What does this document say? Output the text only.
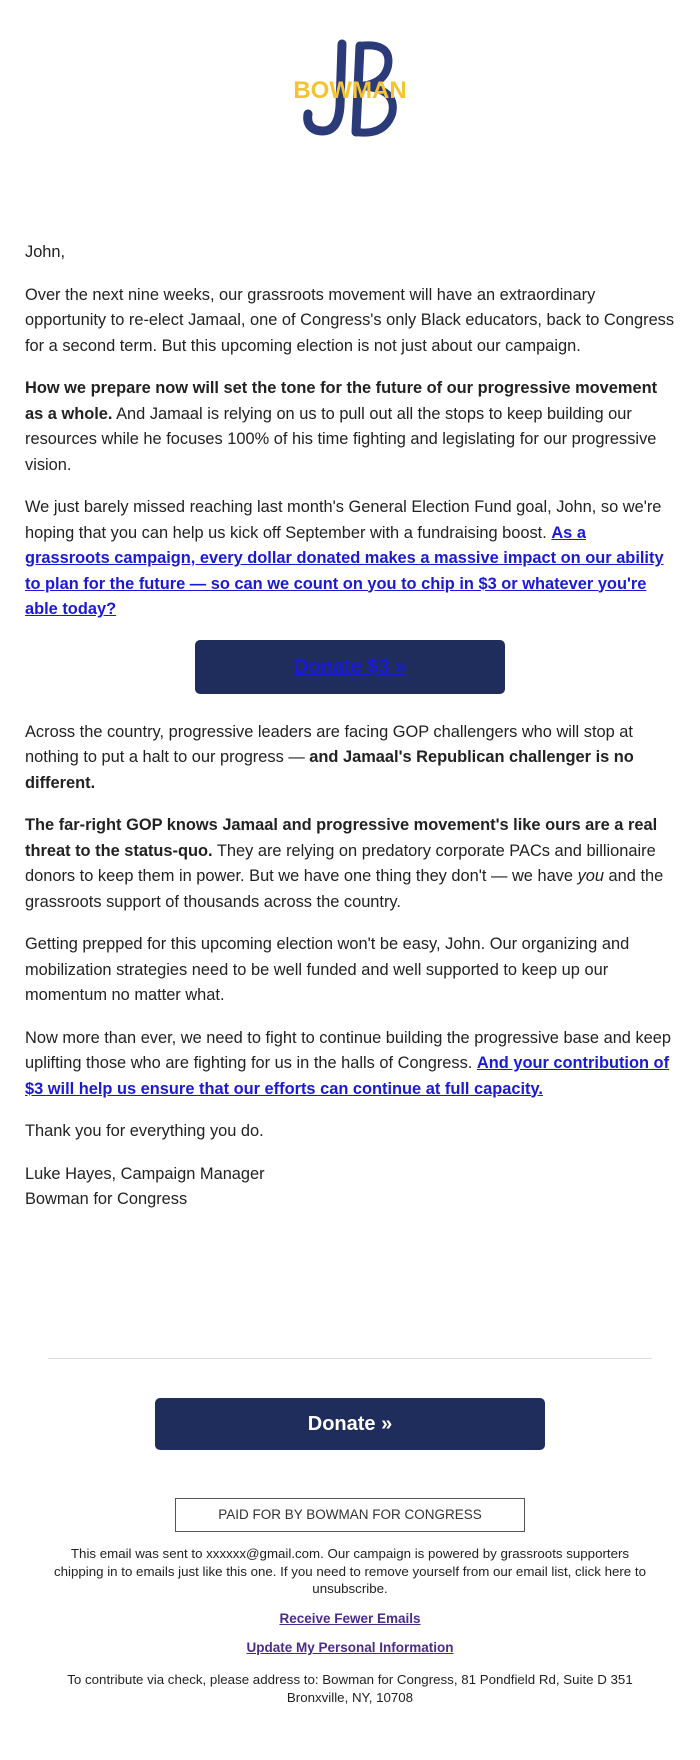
BOWMAN

John,

Over the next nine weeks, our grassroots movement will have an extraordinary opportunity to re-elect Jamaal, one of Congress's only Black educators, back to Congress for a second term. But this upcoming election is not just about our campaign.

How we prepare now will set the tone for the future of our progressive movement as a whole. And Jamaal is relying on us to pull out all the stops to keep building our resources while he focuses 100% of his time fighting and legislating for our progressive vision.

We just barely missed reaching last month's General Election Fund goal, John, so we're hoping that you can help us kick off September with a fundraising boost. As a grassroots campaign, every dollar donated makes a massive impact on our ability to plan for the future — so can we count on you to chip in $3 or whatever you're able today?

Donate $3 »

Across the country, progressive leaders are facing GOP challengers who will stop at nothing to put a halt to our progress — and Jamaal's Republican challenger is no different.

The far-right GOP knows Jamaal and progressive movement's like ours are a real threat to the status-quo. They are relying on predatory corporate PACs and billionaire donors to keep them in power. But we have one thing they don't — we have you and the grassroots support of thousands across the country.

Getting prepped for this upcoming election won't be easy, John. Our organizing and mobilization strategies need to be well funded and well supported to keep up our momentum no matter what.

Now more than ever, we need to fight to continue building the progressive base and keep uplifting those who are fighting for us in the halls of Congress. And your contribution of $3 will help us ensure that our efforts can continue at full capacity.

Thank you for everything you do.

Luke Hayes, Campaign Manager
Bowman for Congress

Donate »
PAID FOR BY BOWMAN FOR CONGRESS
This email was sent to xxxxxx@gmail.com. Our campaign is powered by grassroots supporters chipping in to emails just like this one. If you need to remove yourself from our email list, click here to unsubscribe.
Receive Fewer Emails
Update My Personal Information
To contribute via check, please address to: Bowman for Congress, 81 Pondfield Rd, Suite D 351 Bronxville, NY, 10708
